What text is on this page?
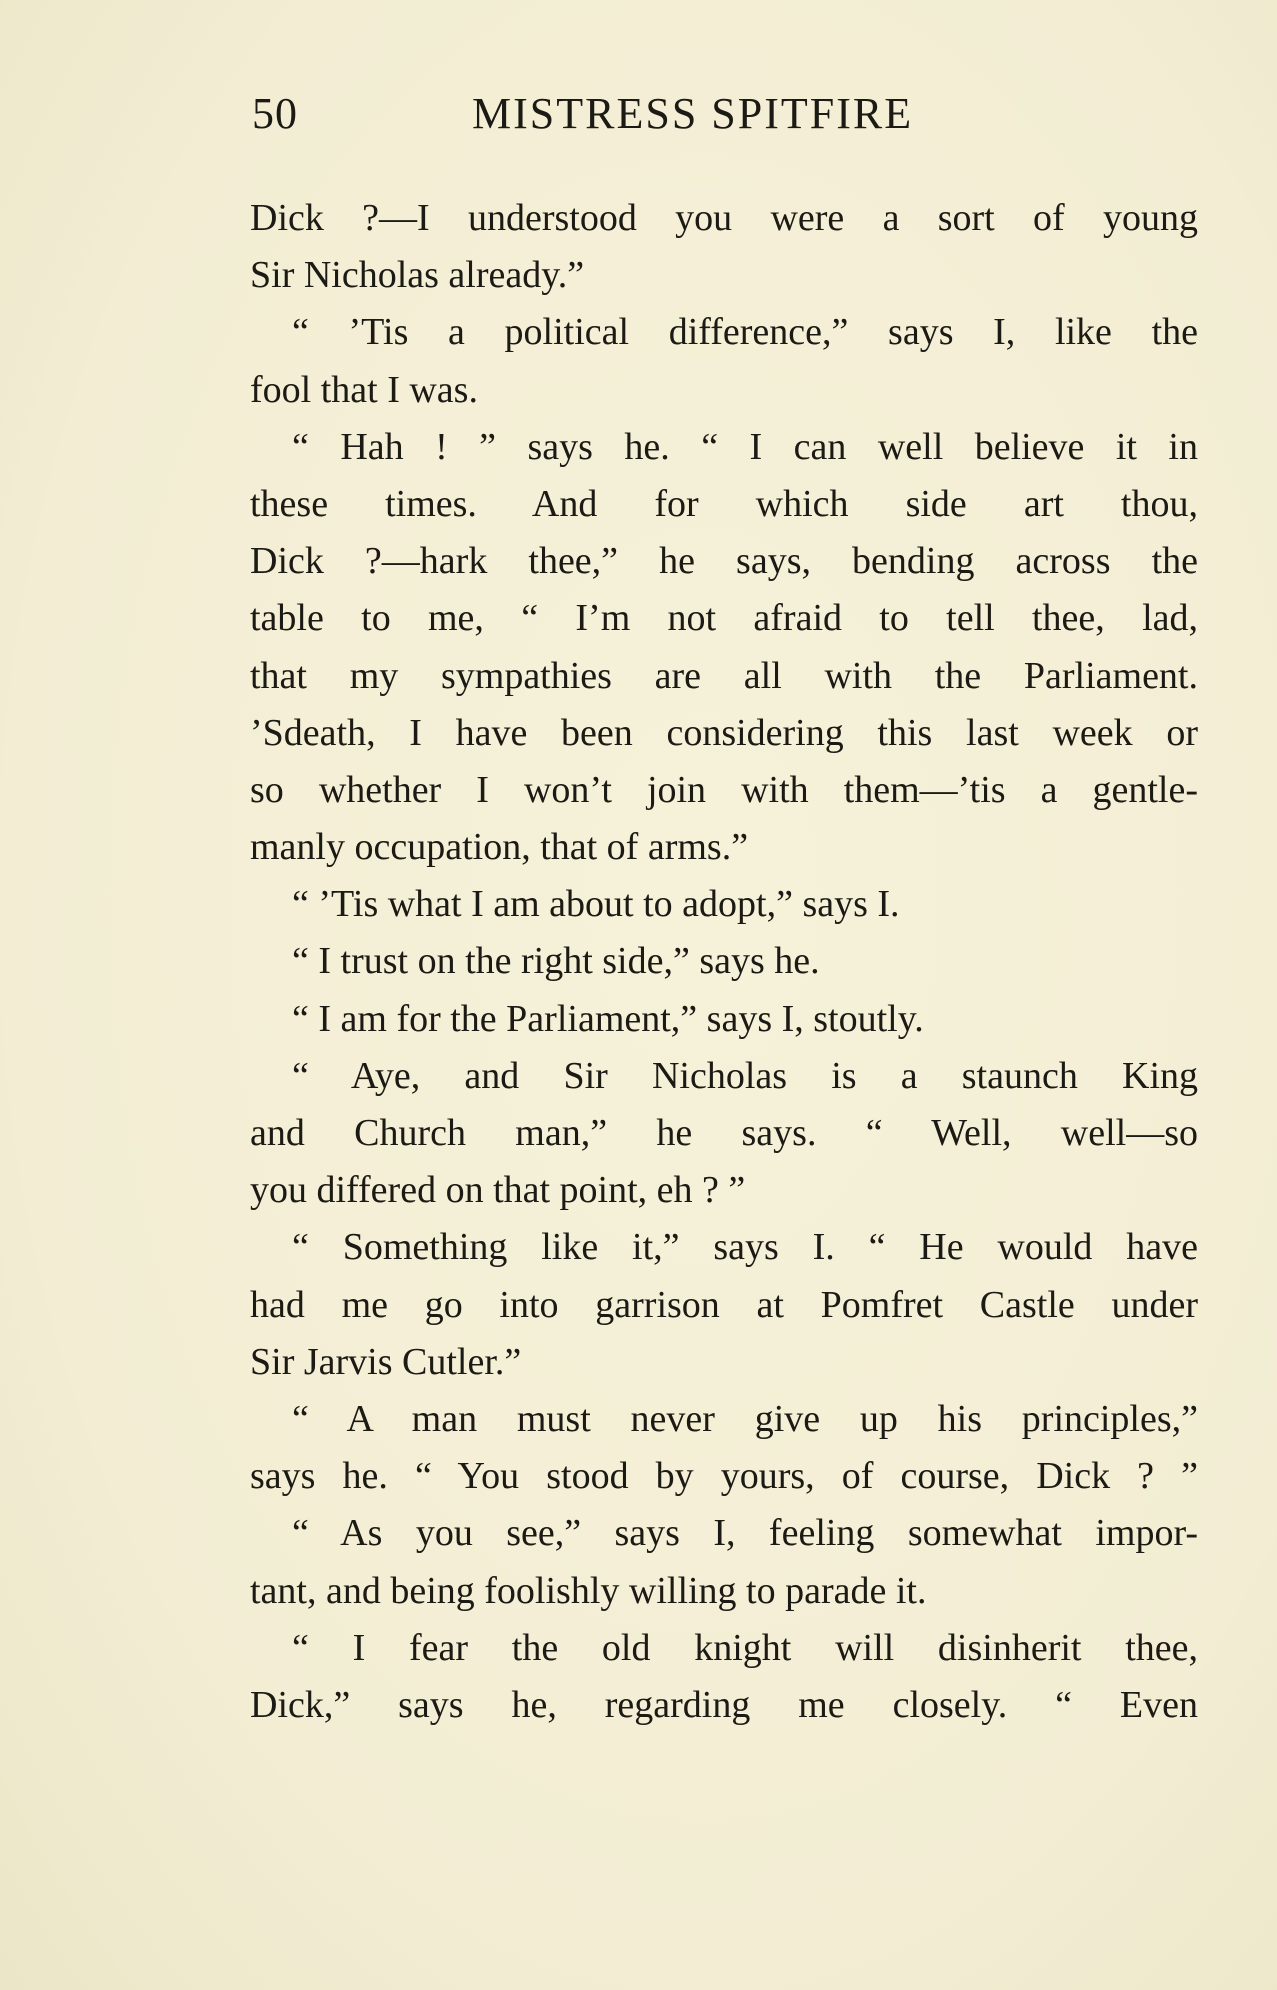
50	MISTRESS SPITFIRE
Dick ?—I understood you were a sort of young
Sir Nicholas already.”
“ ’Tis a political difference,” says I, like the
fool that I was.
“ Hah ! ” says he. “ I can well believe it in
these times. And for which side art thou,
Dick ?—hark thee,” he says, bending across the
table to me, “ I’m not afraid to tell thee, lad,
that my sympathies are all with the Parliament.
’Sdeath, I have been considering this last week or
so whether I won’t join with them—’tis a gentle-
manly occupation, that of arms.”
“ ’Tis what I am about to adopt,” says I.
“ I trust on the right side,” says he.
“ I am for the Parliament,” says I, stoutly.
“ Aye, and Sir Nicholas is a staunch King
and Church man,” he says. “ Well, well—so
you differed on that point, eh ? ”
“ Something like it,” says I. “ He would have
had me go into garrison at Pomfret Castle under
Sir Jarvis Cutler.”
“ A man must never give up his principles,”
says he. “ You stood by yours, of course, Dick ? ”
“ As you see,” says I, feeling somewhat impor-
tant, and being foolishly willing to parade it.
“ I fear the old knight will disinherit thee,
Dick,” says he, regarding me closely. “ Even
